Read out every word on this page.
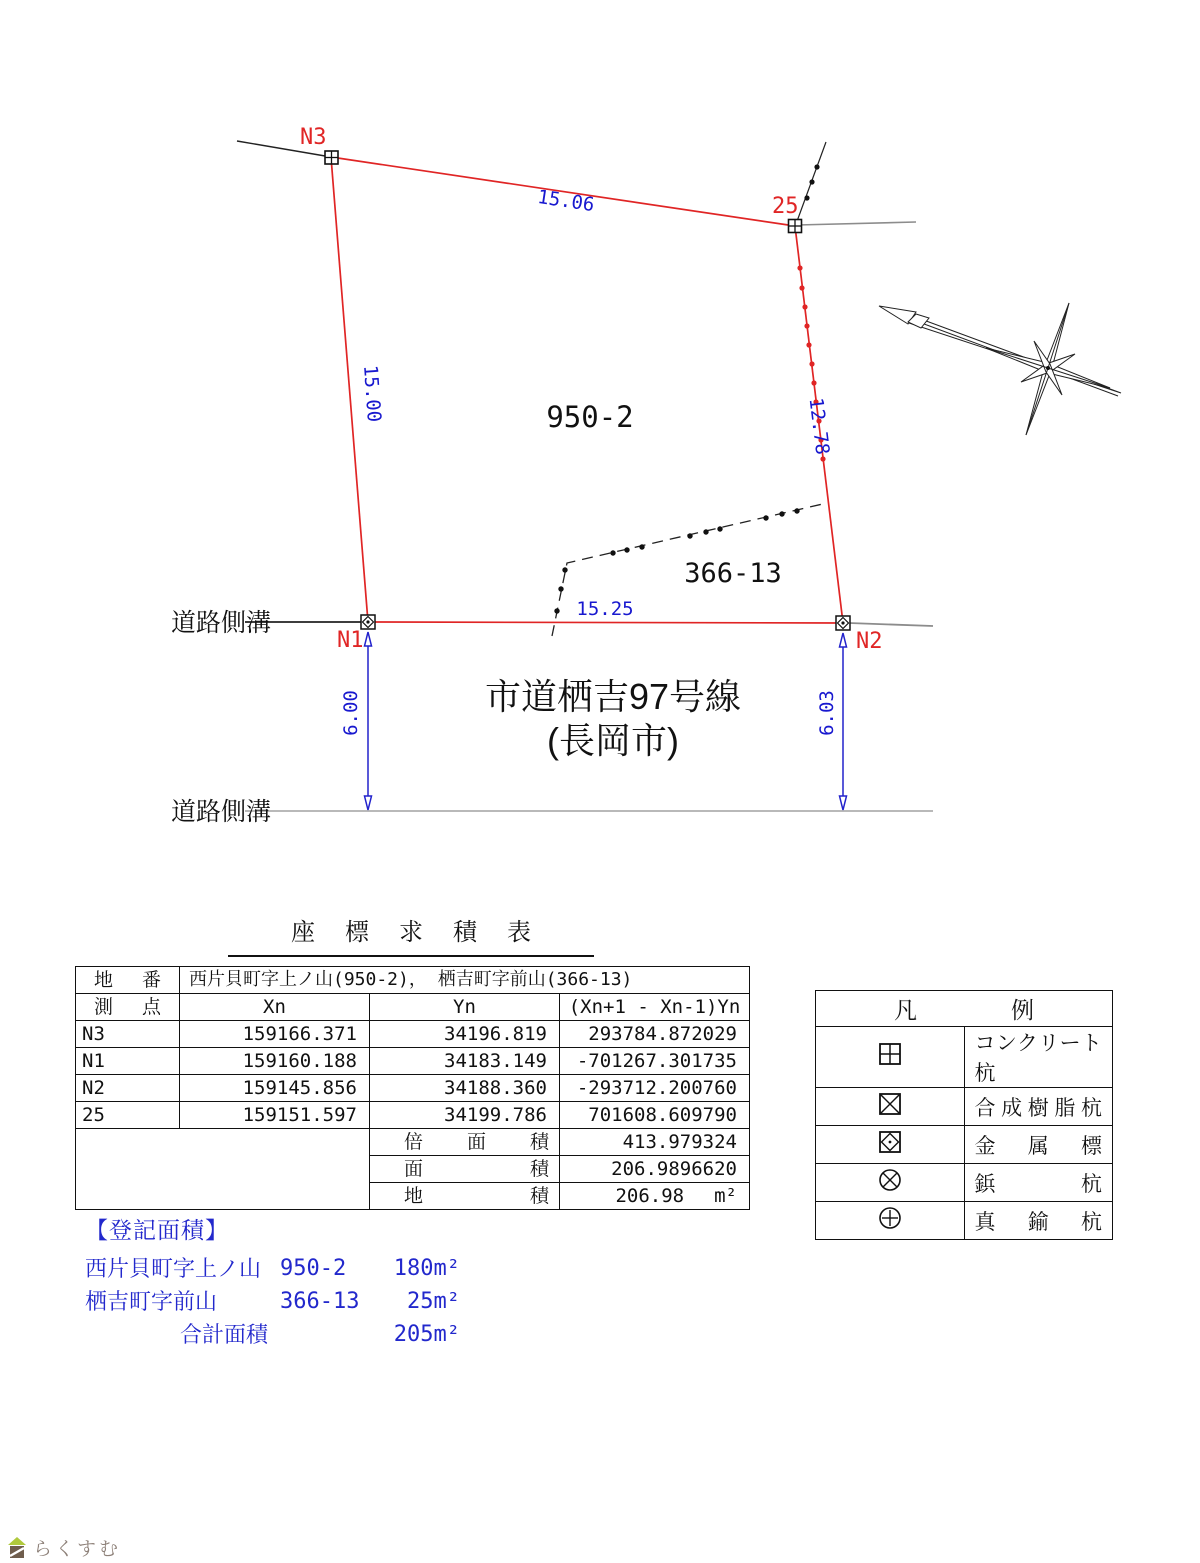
N3
25
N1	N2
15.06
15.00
12.78
15.25
6.00	6.03
950-2
366-13
道路側溝
道路側溝
市道栖吉97号線
(長岡市)
座標求積表
地番	西片貝町字上ノ山(950-2)， 栖吉町字前山(366-13)		
測点	Xn	Yn	(Xn+1 - Xn-1)Yn
N3	159166.371	34196.819	293784.872029
N1	159160.188	34183.149	-701267.301735
N2	159145.856	34188.360	-293712.200760
25	159151.597	34199.786	701608.609790
		倍面積	413.979324
		面積	206.9896620
		地積	206.98 m²
凡例	
	コンクリート杭
	合成樹脂杭
	金属標
	鋲杭
	真鍮杭
【登記面積】
西片貝町字上ノ山 950-2	180m²
栖吉町字前山	366-13	25m²
合計面積	205m²
らくすむ
